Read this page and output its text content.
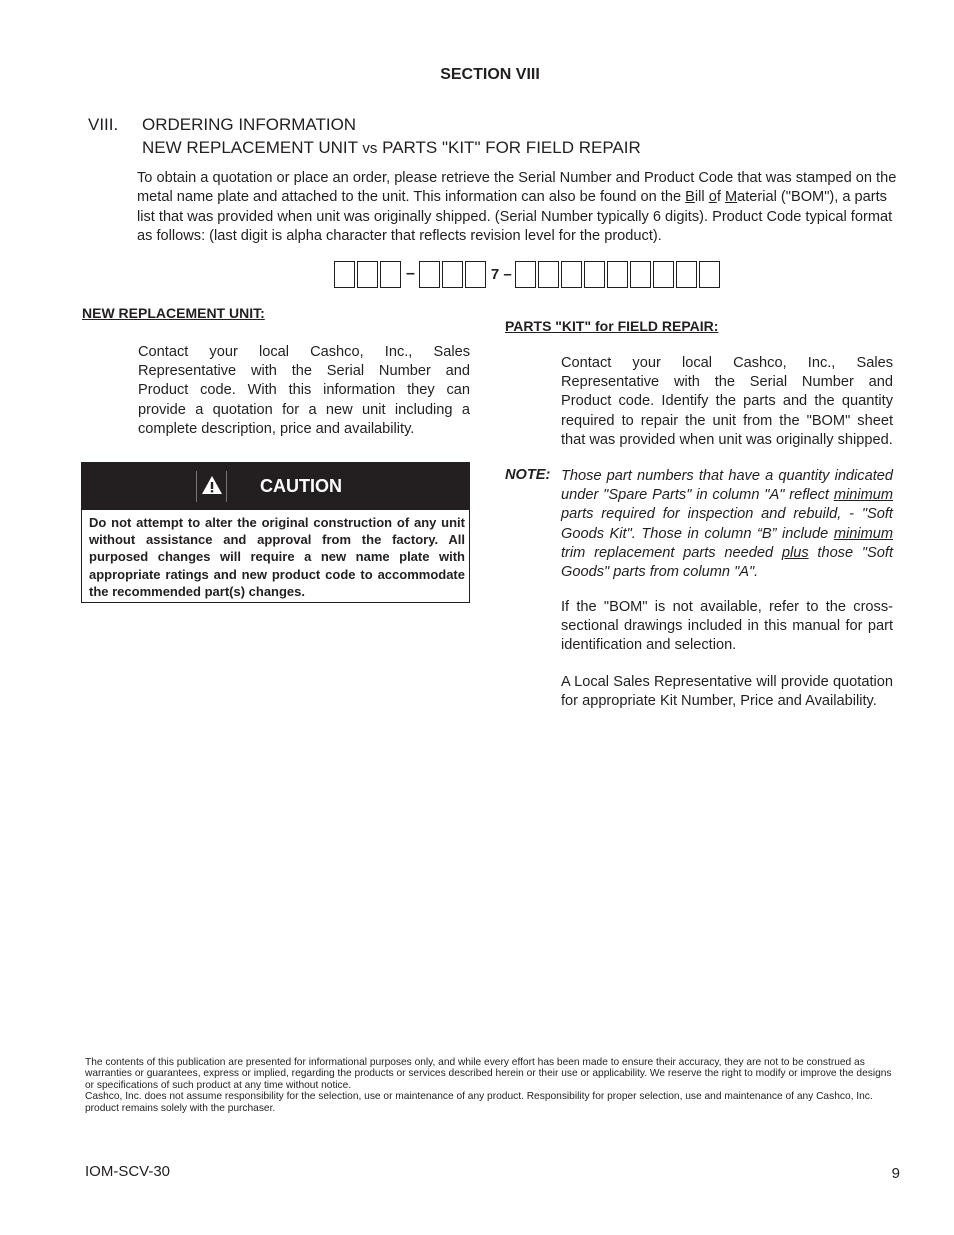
SECTION VIII
VIII. ORDERING INFORMATION
NEW REPLACEMENT UNIT vs PARTS "KIT" FOR FIELD REPAIR
To obtain a quotation or place an order, please retrieve the Serial Number and Product Code that was stamped on the metal name plate and attached to the unit. This information can also be found on the Bill of Material ("BOM"), a parts list that was provided when unit was originally shipped. (Serial Number typically 6 digits). Product Code typical format as follows: (last digit is alpha character that reflects revision level for the product).
–	7 –
NEW REPLACEMENT UNIT:
Contact your local Cashco, Inc., Sales Representative with the Serial Number and Product code. With this information they can provide a quotation for a new unit including a complete description, price and availability.
CAUTION
Do not attempt to alter the original construction of any unit without assistance and approval from the factory. All purposed changes will require a new name plate with appropriate ratings and new product code to accommodate the recommended part(s) changes.
PARTS "KIT" for FIELD REPAIR:
Contact your local Cashco, Inc., Sales Representative with the Serial Number and Product code. Identify the parts and the quantity required to repair the unit from the "BOM" sheet that was provided when unit was originally shipped.
NOTE: Those part numbers that have a quantity indicated under "Spare Parts" in column "A" reflect minimum parts required for inspection and rebuild, - "Soft Goods Kit". Those in column “B” include minimum trim replacement parts needed plus those "Soft Goods" parts from column "A".
If the "BOM" is not available, refer to the cross-sectional drawings included in this manual for part identification and selection.
A Local Sales Representative will provide quotation for appropriate Kit Number, Price and Availability.
The contents of this publication are presented for informational purposes only, and while every effort has been made to ensure their accuracy, they are not to be construed as warranties or guarantees, express or implied, regarding the products or services described herein or their use or applicability. We reserve the right to modify or improve the designs or specifications of such product at any time without notice.
Cashco, Inc. does not assume responsibility for the selection, use or maintenance of any product. Responsibility for proper selection, use and maintenance of any Cashco, Inc. product remains solely with the purchaser.
IOM-SCV-30	9
